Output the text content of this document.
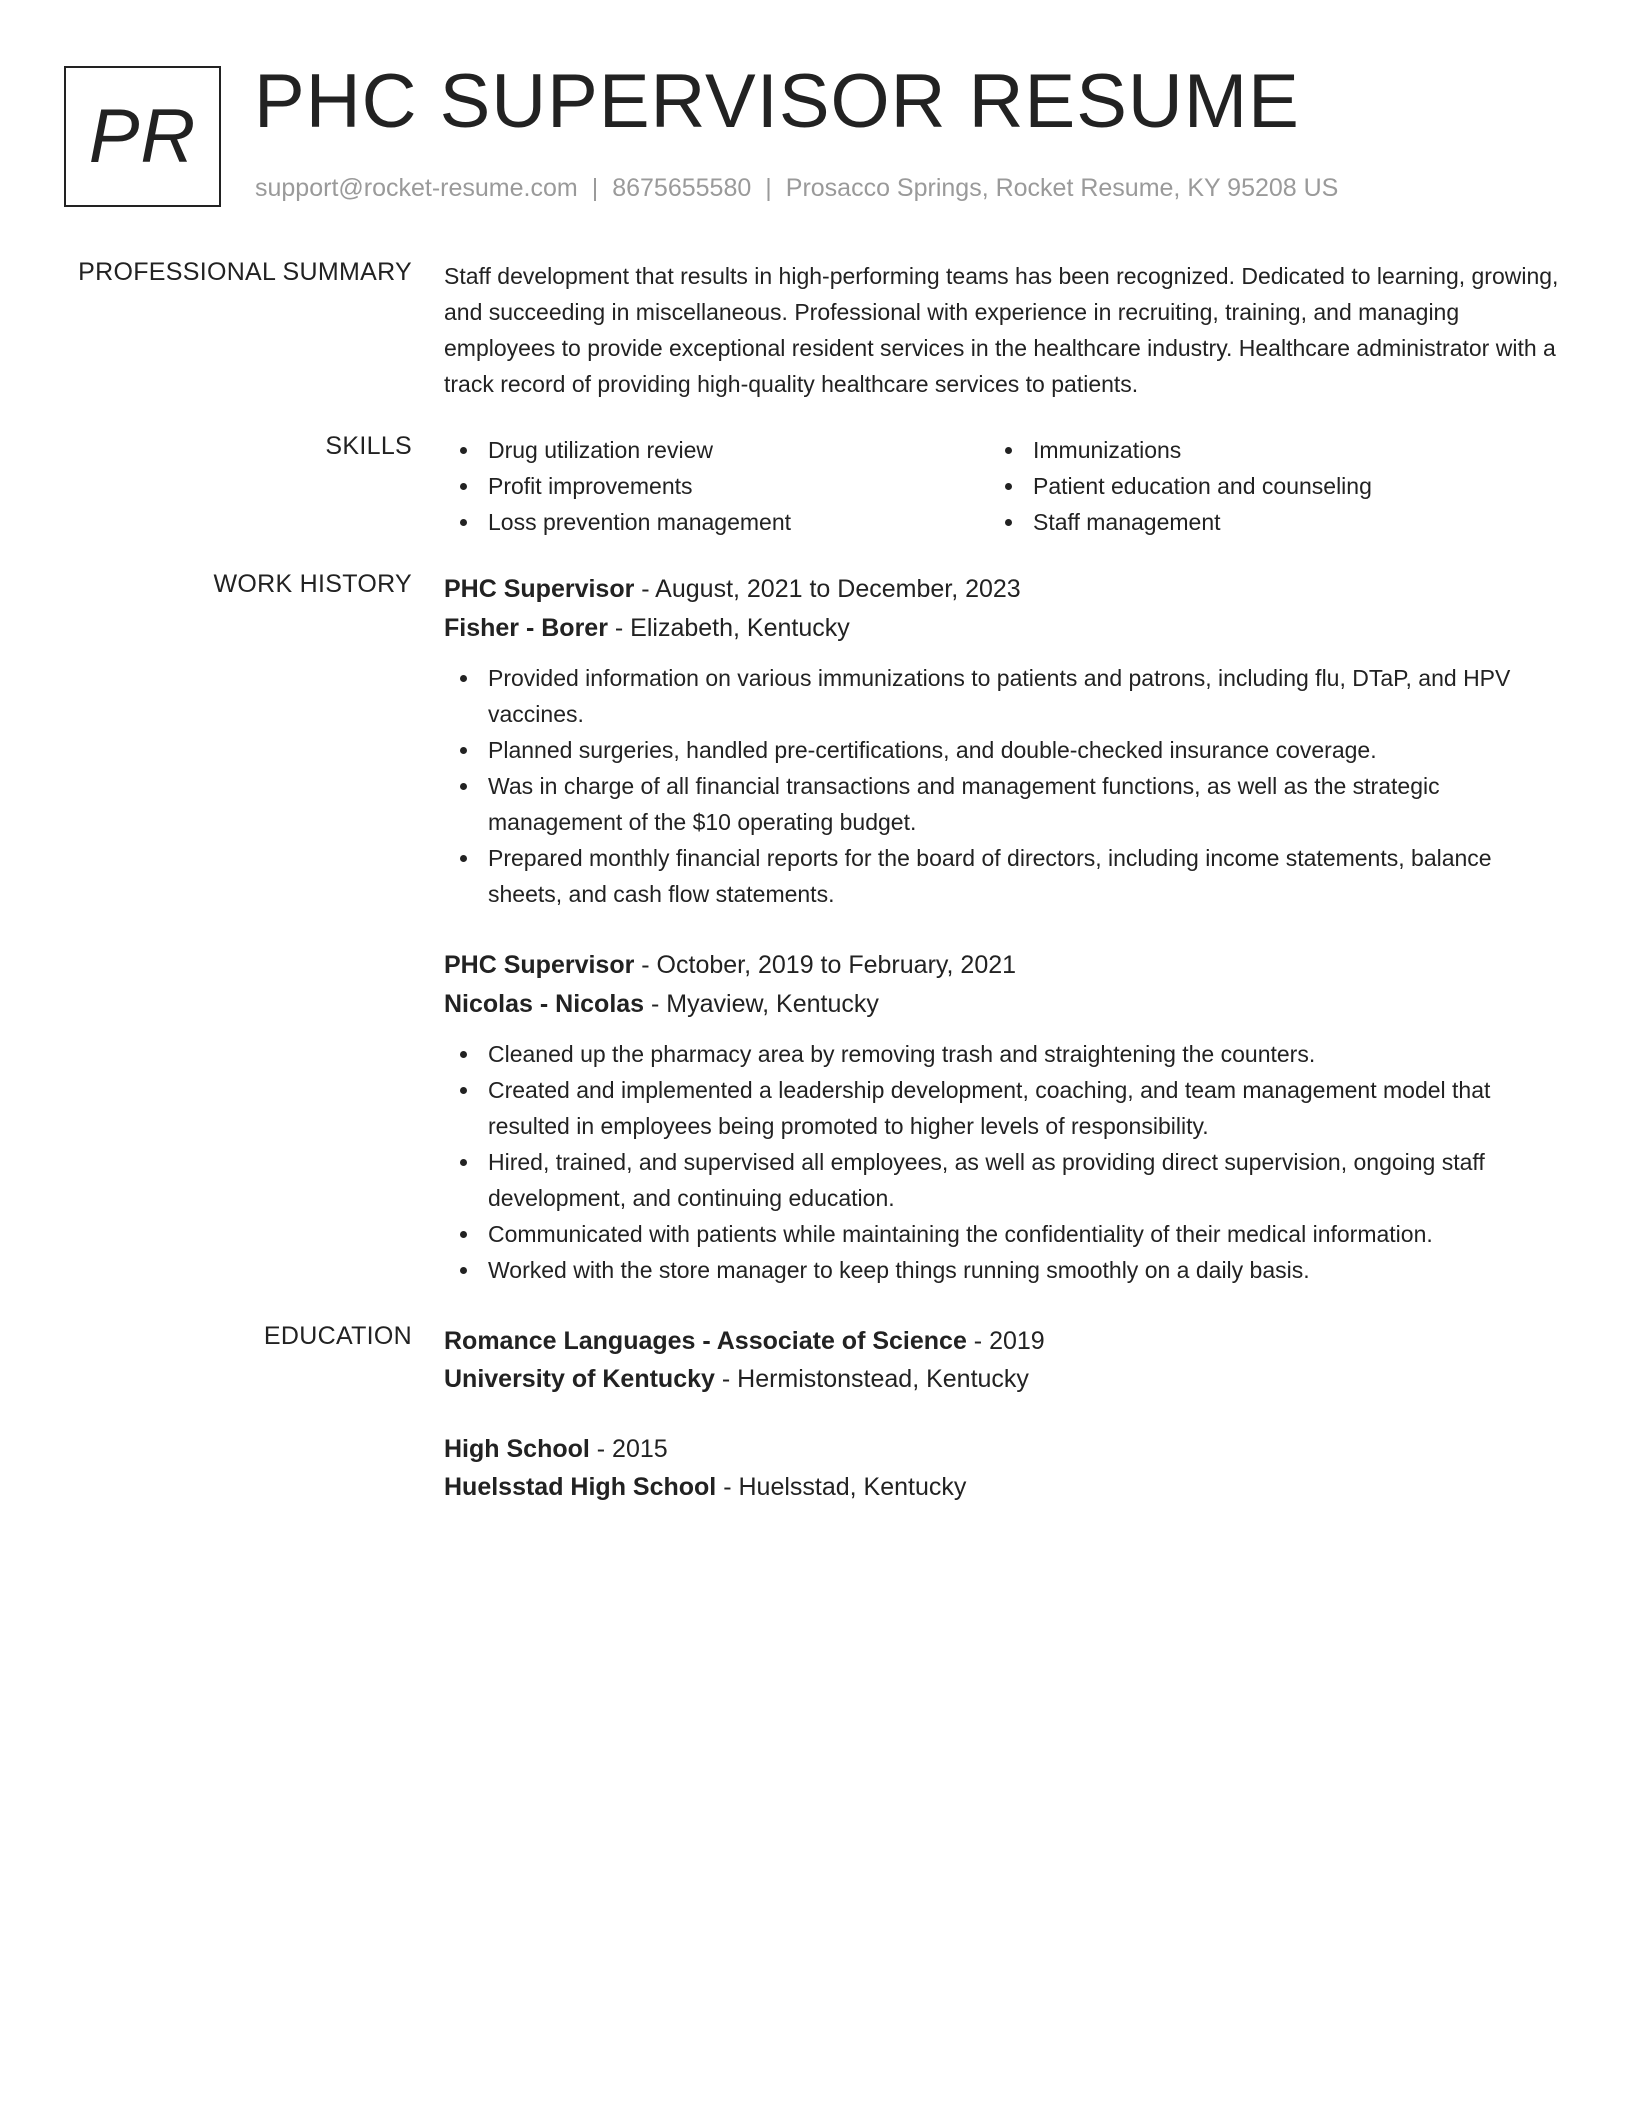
PR PHC SUPERVISOR RESUME
support@rocket-resume.com | 8675655580 | Prosacco Springs, Rocket Resume, KY 95208 US
PROFESSIONAL SUMMARY Staff development that results in high-performing teams has been recognized. Dedicated to learning, growing, and succeeding in miscellaneous. Professional with experience in recruiting, training, and managing employees to provide exceptional resident services in the healthcare industry. Healthcare administrator with a track record of providing high-quality healthcare services to patients.

SKILLS	Drug utilization review
Profit improvements
Loss prevention management
Immunizations
Patient education and counseling
Staff management
WORK HISTORY PHC Supervisor - August, 2021 to December, 2023
Fisher - Borer - Elizabeth, Kentucky
Provided information on various immunizations to patients and patrons, including flu, DTaP, and HPV vaccines.
Planned surgeries, handled pre-certifications, and double-checked insurance coverage.
Was in charge of all financial transactions and management functions, as well as the strategic management of the $10 operating budget.
Prepared monthly financial reports for the board of directors, including income statements, balance sheets, and cash flow statements.
PHC Supervisor - October, 2019 to February, 2021
Nicolas - Nicolas - Myaview, Kentucky
Cleaned up the pharmacy area by removing trash and straightening the counters.
Created and implemented a leadership development, coaching, and team management model that resulted in employees being promoted to higher levels of responsibility.
Hired, trained, and supervised all employees, as well as providing direct supervision, ongoing staff development, and continuing education.
Communicated with patients while maintaining the confidentiality of their medical information.
Worked with the store manager to keep things running smoothly on a daily basis.
EDUCATION Romance Languages - Associate of Science - 2019
University of Kentucky - Hermistonstead, Kentucky
High School - 2015
Huelsstad High School - Huelsstad, Kentucky
